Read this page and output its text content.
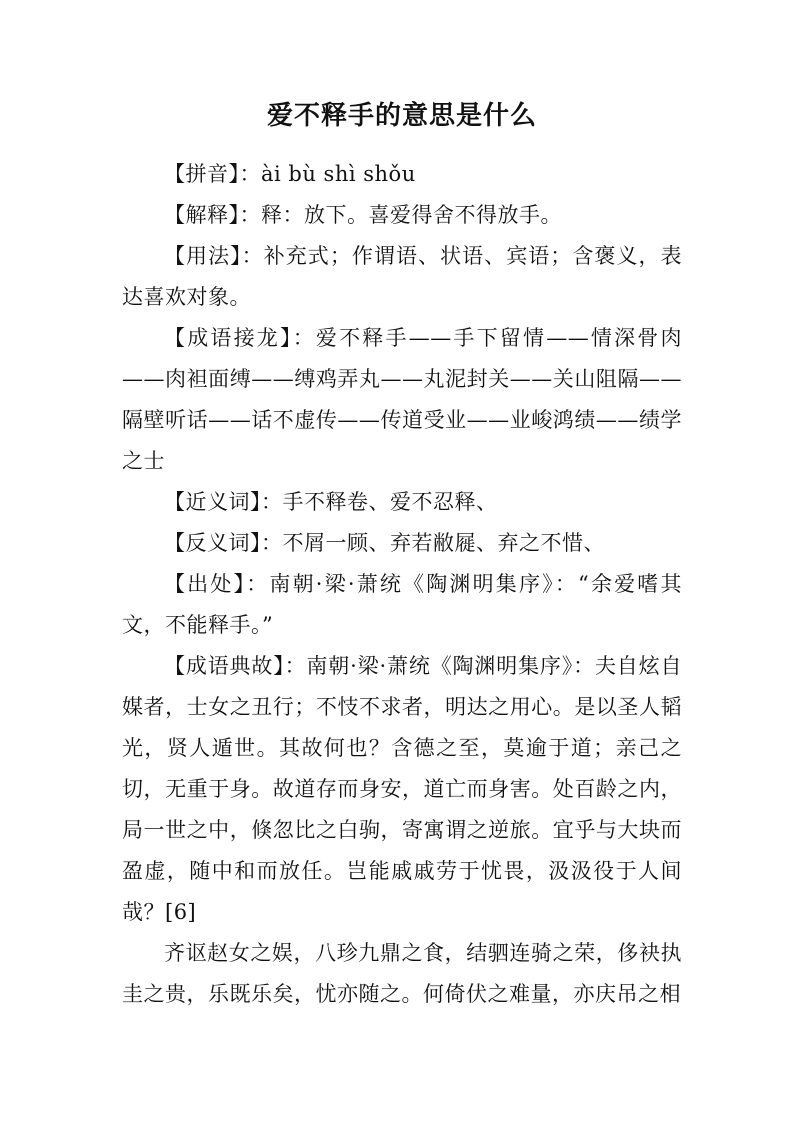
爱不释手的意思是什么

【拼音】：ài bù shì shǒu

【解释】：释：放下。喜爱得舍不得放手。

【用法】：补充式；作谓语、状语、宾语；含褒义，表达喜欢对象。

【成语接龙】：爱不释手——手下留情——情深骨肉——肉袒面缚——缚鸡弄丸——丸泥封关——关山阻隔——隔壁听话——话不虚传——传道受业——业峻鸿绩——绩学之士

【近义词】：手不释卷、爱不忍释、

【反义词】：不屑一顾、弃若敝屣、弃之不惜、

【出处】：南朝·梁·萧统《陶渊明集序》：“余爱嗜其文，不能释手。”

【成语典故】：南朝·梁·萧统《陶渊明集序》：夫自炫自媒者，士女之丑行；不忮不求者，明达之用心。是以圣人韬光，贤人遁世。其故何也？含德之至，莫逾于道；亲己之切，无重于身。故道存而身安，道亡而身害。处百龄之内，局一世之中，倏忽比之白驹，寄寓谓之逆旅。宜乎与大块而盈虚，随中和而放任。岂能戚戚劳于忧畏，汲汲役于人间哉？[6]

齐讴赵女之娱，八珍九鼎之食，结驷连骑之荣，侈袂执圭之贵，乐既乐矣，忧亦随之。何倚伏之难量，亦庆吊之相
